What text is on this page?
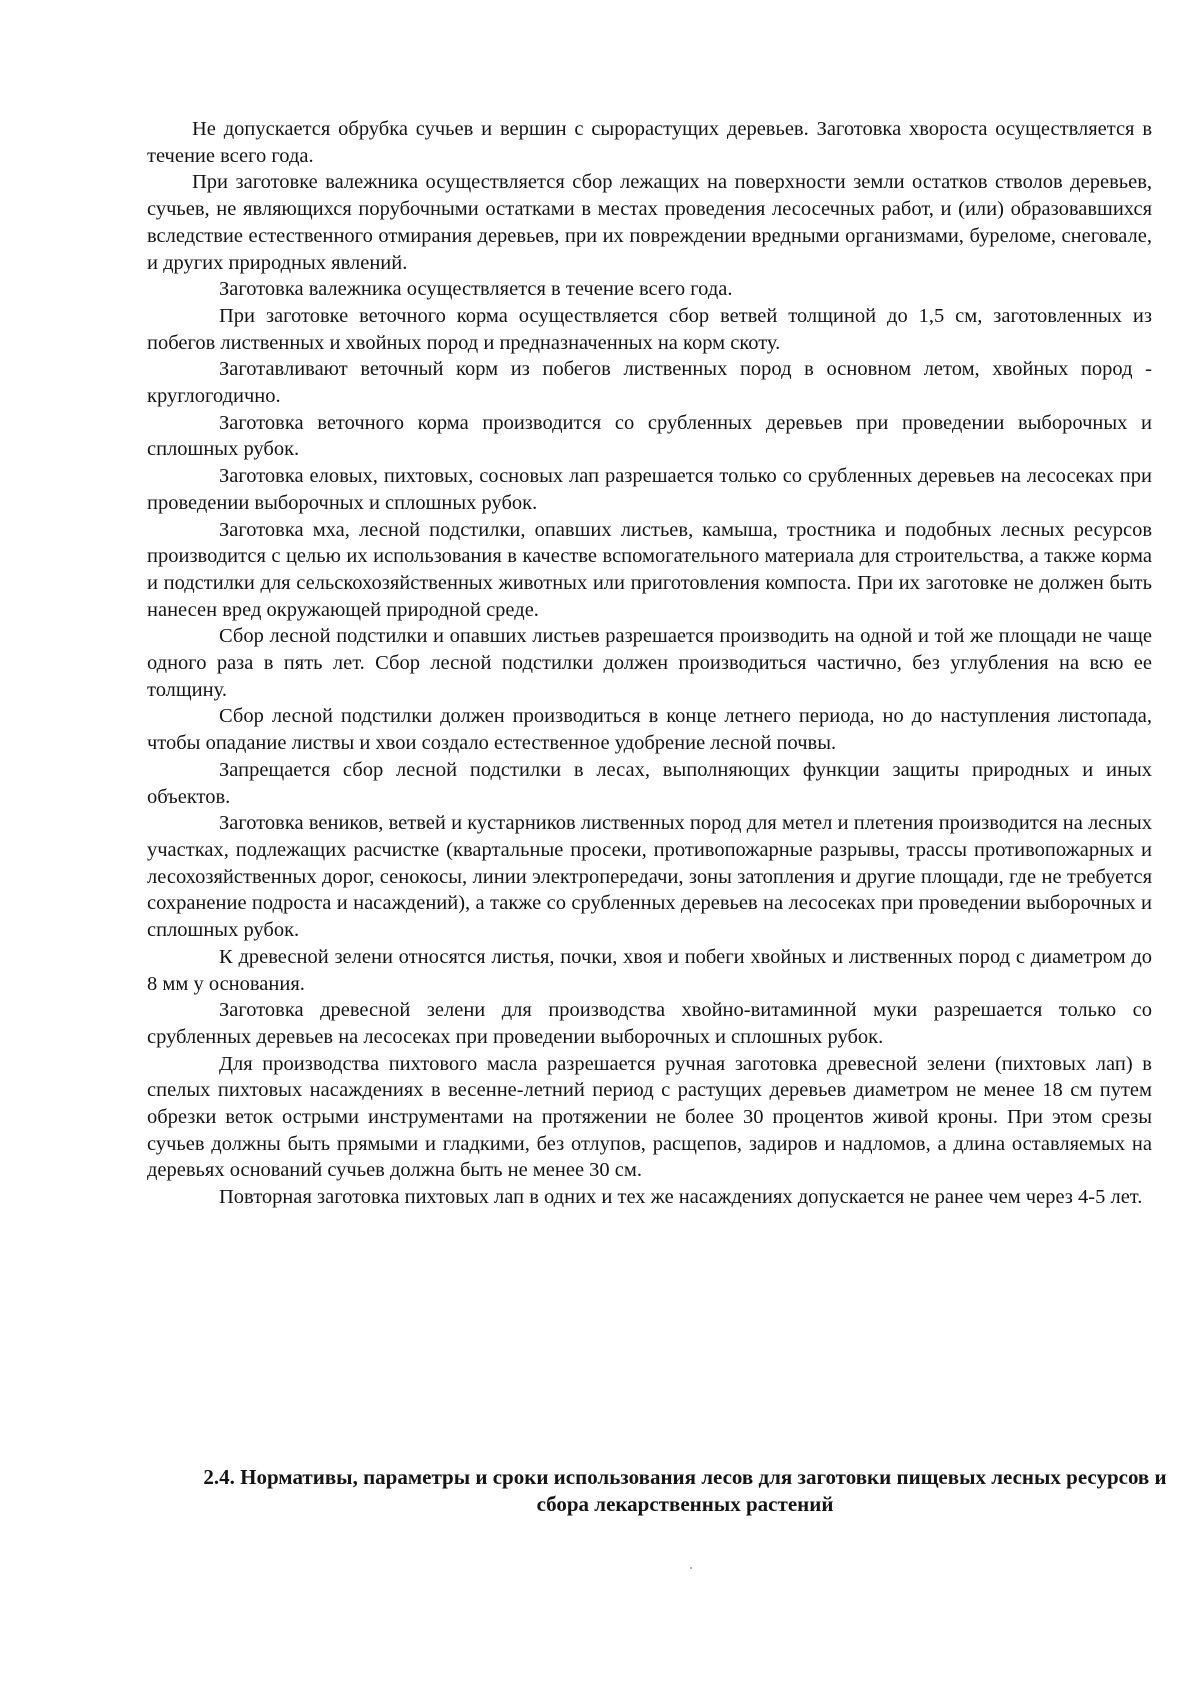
Не допускается обрубка сучьев и вершин с сырорастущих деревьев. Заготовка хвороста осуществляется в течение всего года.

При заготовке валежника осуществляется сбор лежащих на поверхности земли остатков стволов деревьев, сучьев, не являющихся порубочными остатками в местах проведения лесосечных работ, и (или) образовавшихся вследствие естественного отмирания деревьев, при их повреждении вредными организмами, буреломе, снеговале, и других природных явлений.

Заготовка валежника осуществляется в течение всего года.

При заготовке веточного корма осуществляется сбор ветвей толщиной до 1,5 см, заготовленных из побегов лиственных и хвойных пород и предназначенных на корм скоту.

Заготавливают веточный корм из побегов лиственных пород в основном летом, хвойных пород - круглогодично.

Заготовка веточного корма производится со срубленных деревьев при проведении выборочных и сплошных рубок.

Заготовка еловых, пихтовых, сосновых лап разрешается только со срубленных деревьев на лесосеках при проведении выборочных и сплошных рубок.

Заготовка мха, лесной подстилки, опавших листьев, камыша, тростника и подобных лесных ресурсов производится с целью их использования в качестве вспомогательного материала для строительства, а также корма и подстилки для сельскохозяйственных животных или приготовления компоста. При их заготовке не должен быть нанесен вред окружающей природной среде.

Сбор лесной подстилки и опавших листьев разрешается производить на одной и той же площади не чаще одного раза в пять лет. Сбор лесной подстилки должен производиться частично, без углубления на всю ее толщину.

Сбор лесной подстилки должен производиться в конце летнего периода, но до наступления листопада, чтобы опадание листвы и хвои создало естественное удобрение лесной почвы.

Запрещается сбор лесной подстилки в лесах, выполняющих функции защиты природных и иных объектов.

Заготовка веников, ветвей и кустарников лиственных пород для метел и плетения производится на лесных участках, подлежащих расчистке (квартальные просеки, противопожарные разрывы, трассы противопожарных и лесохозяйственных дорог, сенокосы, линии электропередачи, зоны затопления и другие площади, где не требуется сохранение подроста и насаждений), а также со срубленных деревьев на лесосеках при проведении выборочных и сплошных рубок.

К древесной зелени относятся листья, почки, хвоя и побеги хвойных и лиственных пород с диаметром до 8 мм у основания.

Заготовка древесной зелени для производства хвойно-витаминной муки разрешается только со срубленных деревьев на лесосеках при проведении выборочных и сплошных рубок.

Для производства пихтового масла разрешается ручная заготовка древесной зелени (пихтовых лап) в спелых пихтовых насаждениях в весенне-летний период с растущих деревьев диаметром не менее 18 см путем обрезки веток острыми инструментами на протяжении не более 30 процентов живой кроны. При этом срезы сучьев должны быть прямыми и гладкими, без отлупов, расщепов, задиров и надломов, а длина оставляемых на деревьях оснований сучьев должна быть не менее 30 см.

Повторная заготовка пихтовых лап в одних и тех же насаждениях допускается не ранее чем через 4-5 лет.

2.4. Нормативы, параметры и сроки использования лесов для заготовки пищевых лесных ресурсов и сбора лекарственных растений
